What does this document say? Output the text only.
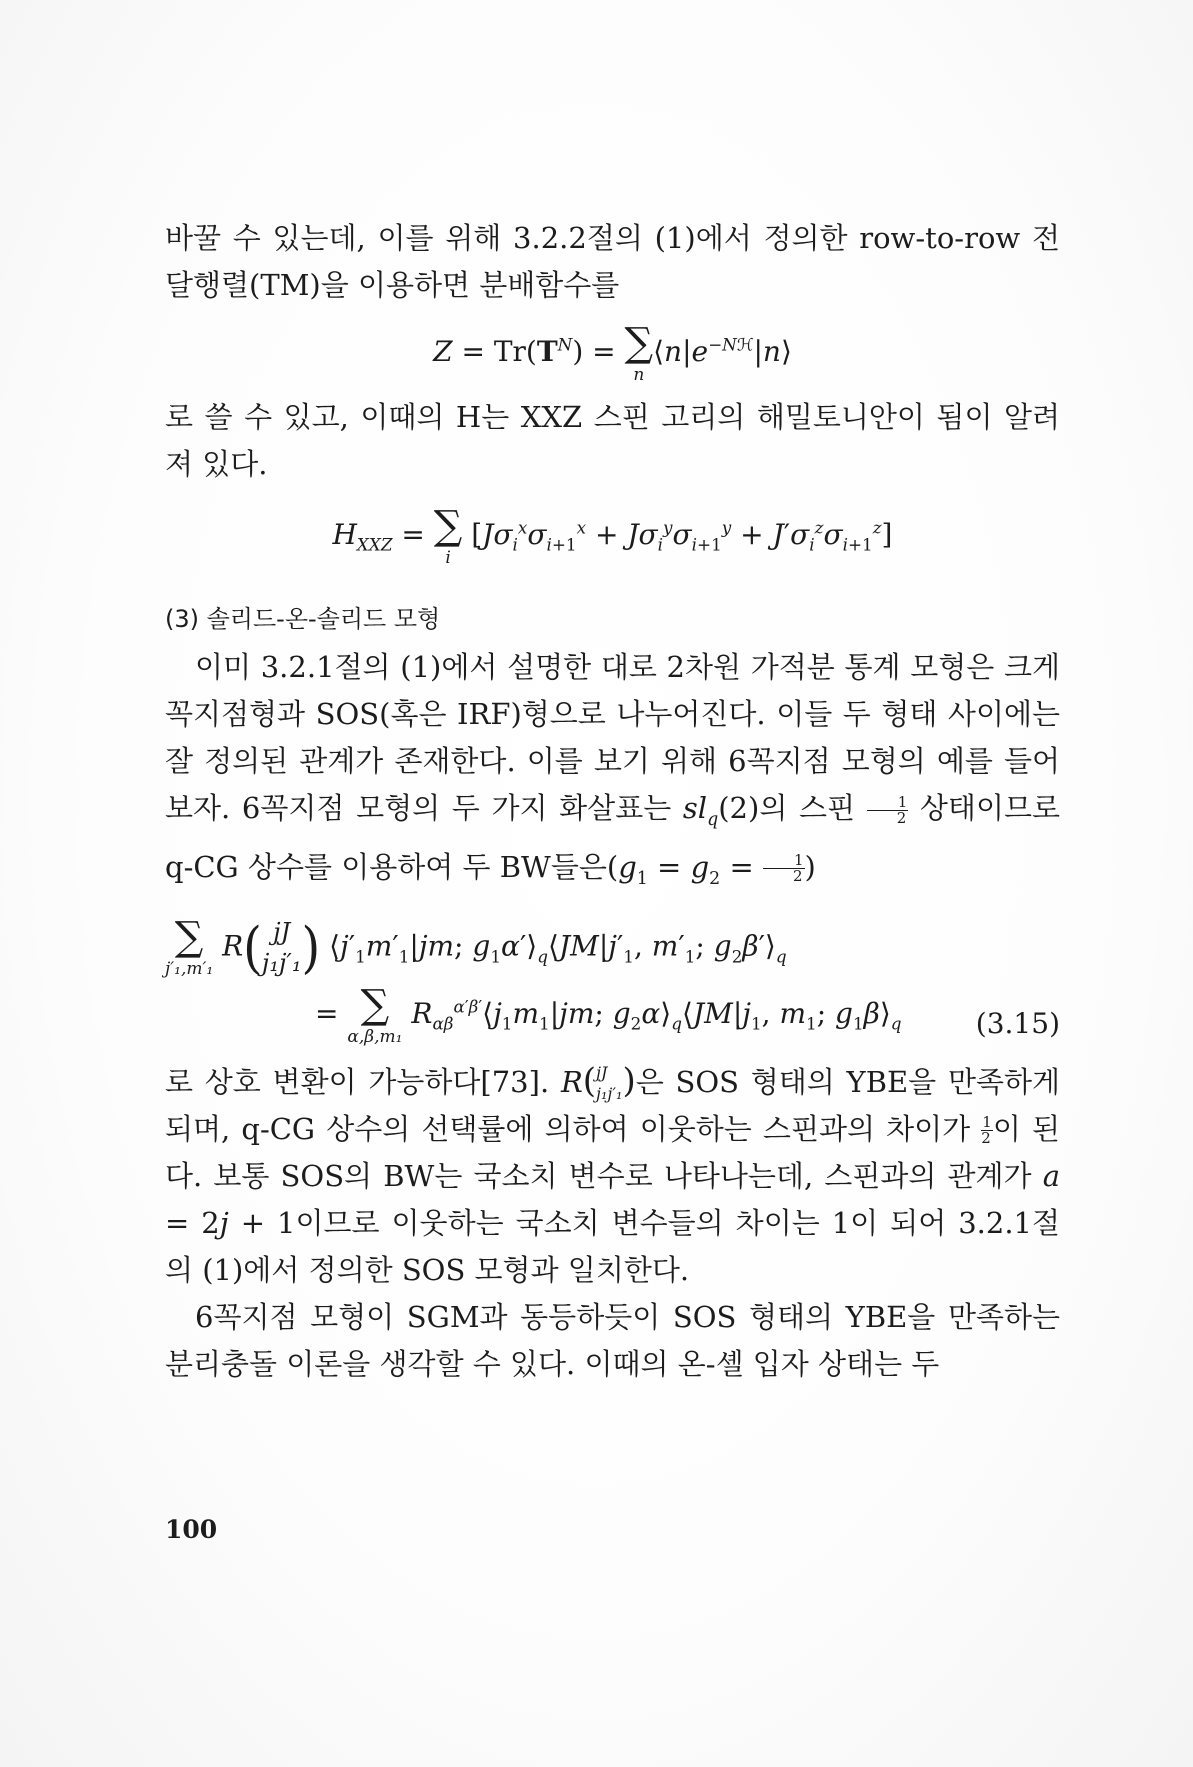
바꿀 수 있는데, 이를 위해 3.2.2절의 (1)에서 정의한 row-to-row 전달행렬(TM)을 이용하면 분배함수를

$Z = Tr(T^N)$ = ∑
n
$⟨n|e^{-Nℋ}|n⟩$

로 쓸 수 있고, 이때의 H는 XXZ 스핀 고리의 해밀토니안이 됨이 알려져 있다.

$H_{XXZ}$ = ∑
i
$[J\sigma_i^x\sigma_{i+1}^x + J\sigma_i^y\sigma_{i+1}^y + J'\sigma_i^z\sigma_{i+1}^z]$
(3) 솔리드-온-솔리드 모형

이미 3.2.1절의 (1)에서 설명한 대로 2차원 가적분 통계 모형은 크게 꼭지점형과 SOS(혹은 IRF)형으로 나누어진다. 이들 두 형태 사이에는 잘 정의된 관계가 존재한다. 이를 보기 위해 6꼭지점 모형의 예를 들어보자. 6꼭지점 모형의 두 가지 화살표는 $sl_q(2)$의 스핀 $\frac{1}{2}$ 상태이므로 q-CG 상수를 이용하여 두 BW들은($g_1 = g_2 = \frac{1}{2}$ )

∑
j′₁,m′₁
R( jJ
j₁j′₁) $⟨j'_1m'_1|jm$; $g_1\alpha'⟩_q⟨JM|j'_1$, $m'_1$; $g_2\beta'⟩_q$
= ∑
α,β,m₁
$R_{\alpha\beta}^{\alpha'\beta'}⟨j_1m_1|jm$; $g_2\alpha⟩_q⟨JM|j_1$, $m_1$; $g_1\beta⟩_q$	(3.15)

로 상호 변환이 가능하다[73]. R(jJ
j₁j′₁)은 SOS 형태의 YBE을 만족하게 되며, q-CG 상수의 선택률에 의하여 이웃하는 스핀과의 차이가 $\frac{1}{2}$ 이 된다. 보통 SOS의 BW는 국소치 변수로 나타나는데, 스핀과의 관계가 a = 2j + 1이므로 이웃하는 국소치 변수들의 차이는 1이 되어 3.2.1절의 (1)에서 정의한 SOS 모형과 일치한다.

6꼭지점 모형이 SGM과 동등하듯이 SOS 형태의 YBE을 만족하는 분리충돌 이론을 생각할 수 있다. 이때의 온-셸 입자 상태는 두

100
